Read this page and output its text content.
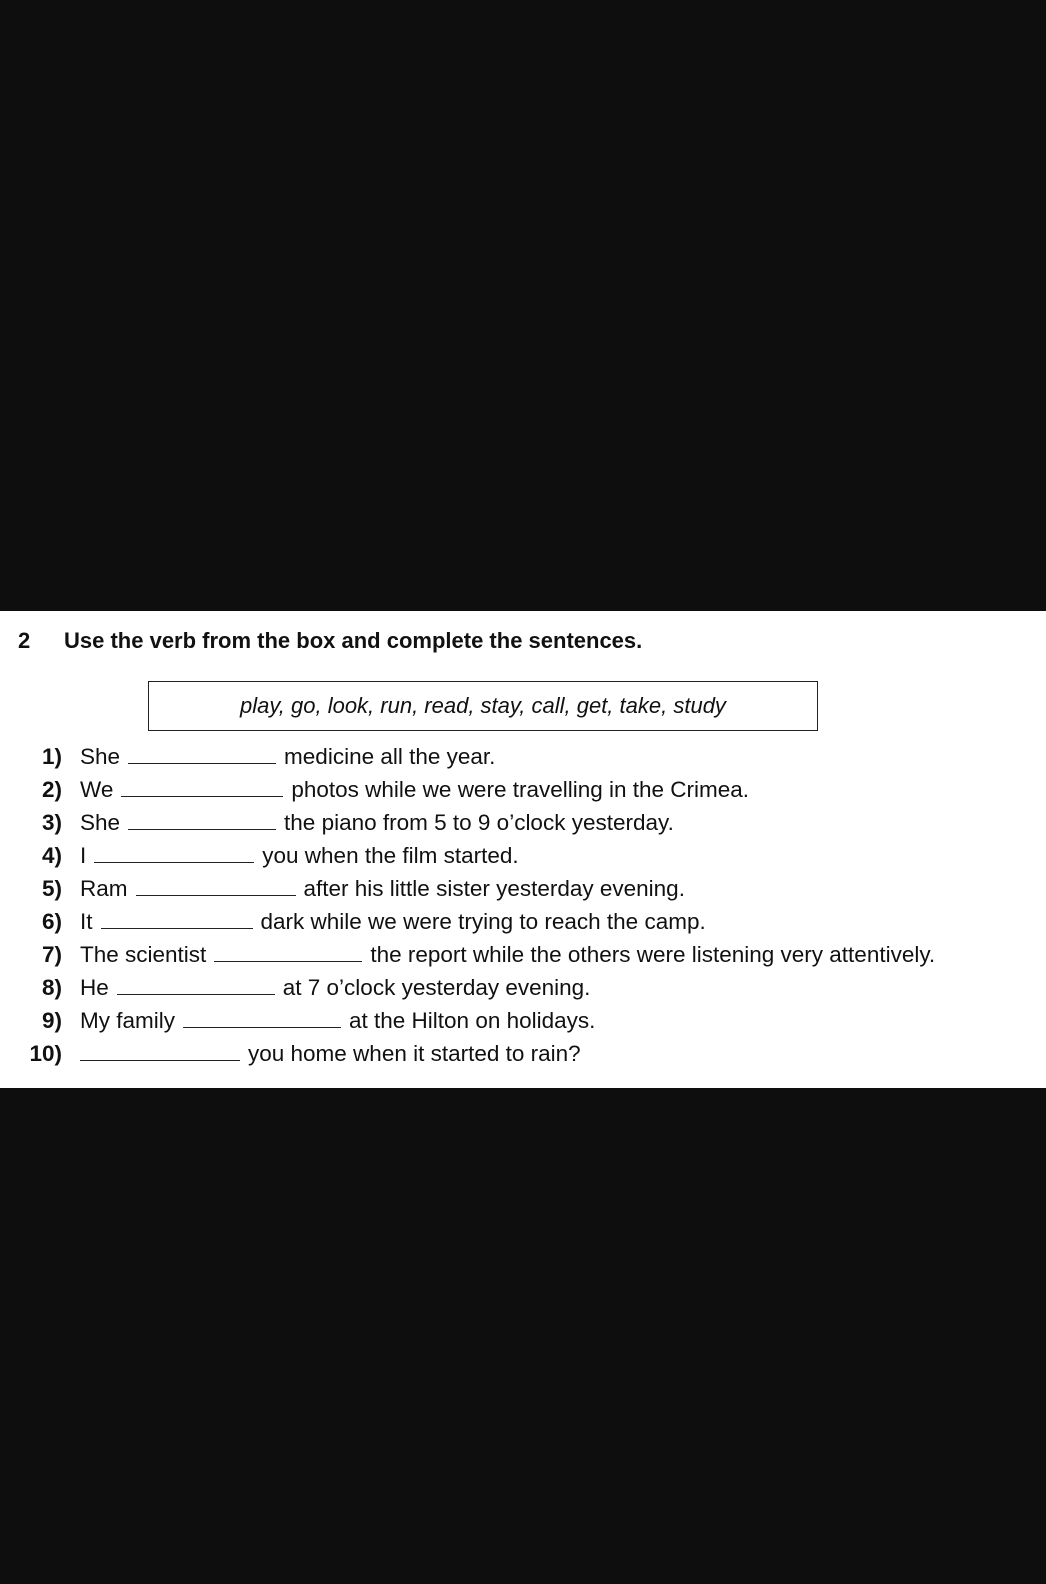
2 Use the verb from the box and complete the sentences.
play, go, look, run, read, stay, call, get, take, study
1) She	medicine all the year.
2) We	photos while we were travelling in the Crimea.
3) She	the piano from 5 to 9 o’clock yesterday.
4) I	you when the film started.
5) Ram	after his little sister yesterday evening.
6) It	dark while we were trying to reach the camp.
7) The scientist	the report while the others were listening very attentively.
8) He	at 7 o’clock yesterday evening.
9) My family	at the Hilton on holidays.
10)	you home when it started to rain?
